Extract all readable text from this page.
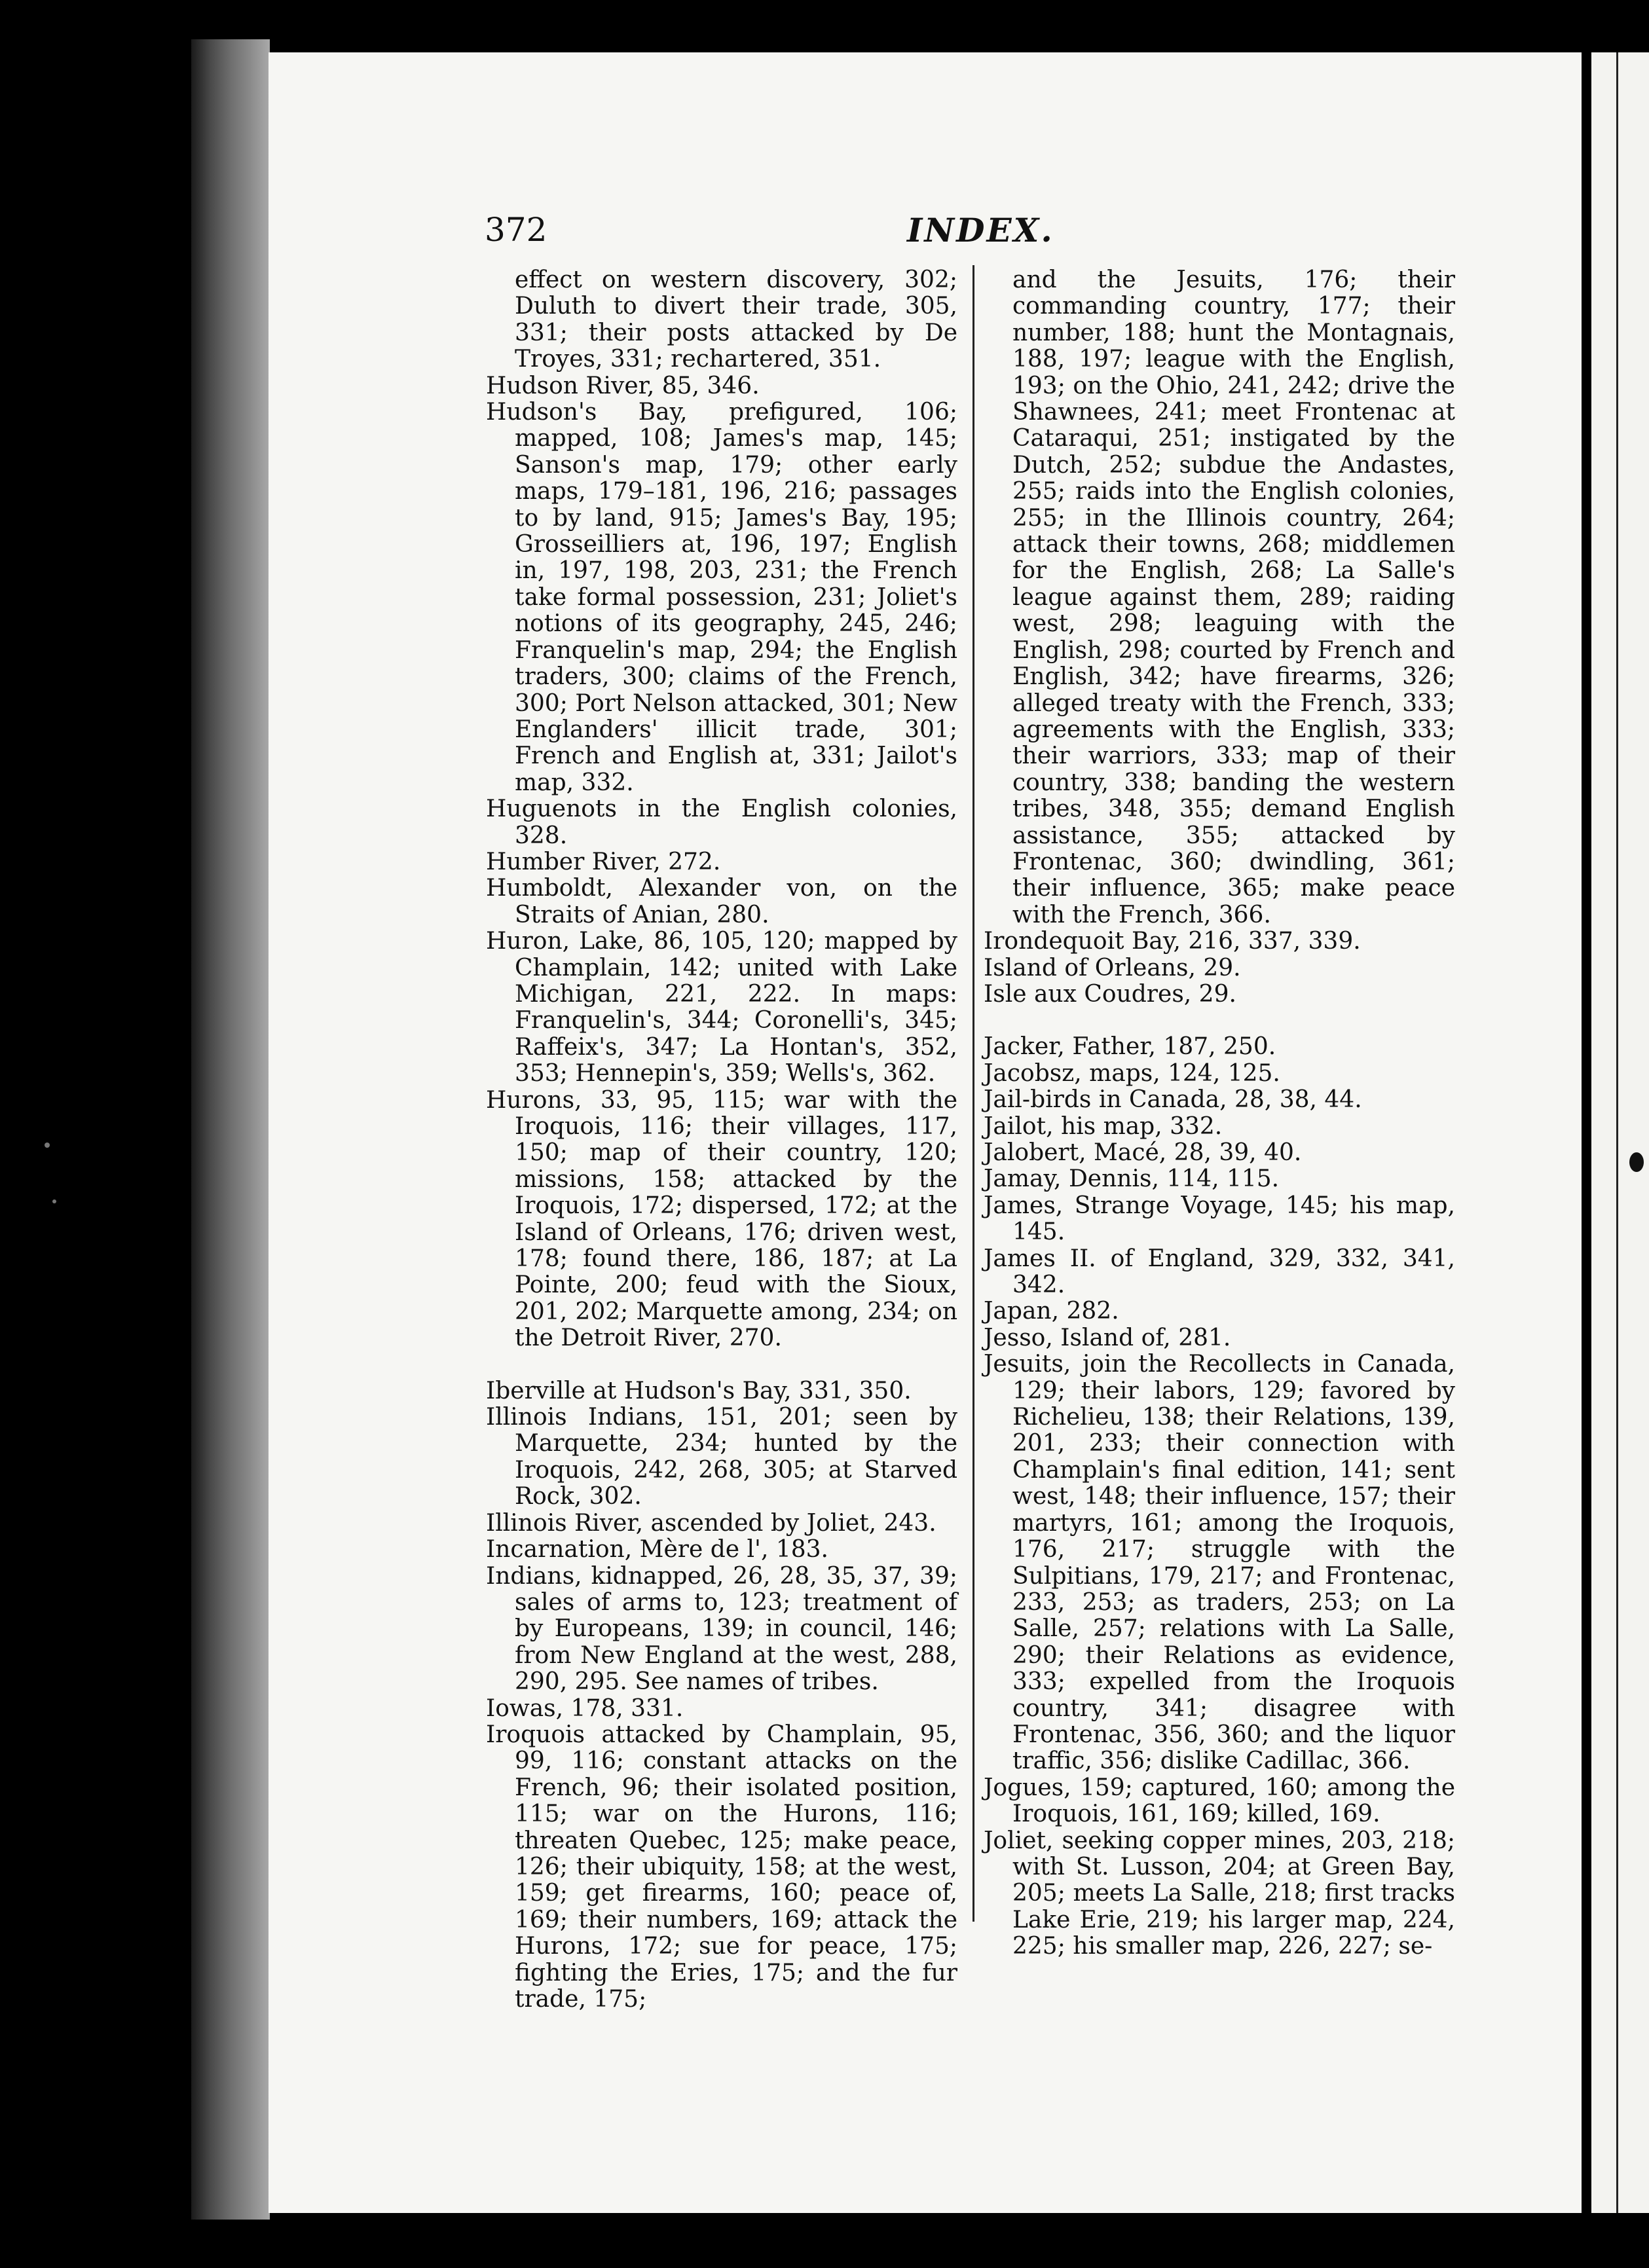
372	INDEX.

effect on western discovery, 302; Duluth to divert their trade, 305, 331; their posts attacked by De Troyes, 331; rechartered, 351.

Hudson River, 85, 346.

Hudson's Bay, prefigured, 106; mapped, 108; James's map, 145; Sanson's map, 179; other early maps, 179–181, 196, 216; passages to by land, 915; James's Bay, 195; Grosseilliers at, 196, 197; English in, 197, 198, 203, 231; the French take formal possession, 231; Joliet's notions of its geography, 245, 246; Franquelin's map, 294; the English traders, 300; claims of the French, 300; Port Nelson attacked, 301; New Englanders' illicit trade, 301; French and English at, 331; Jailot's map, 332.

Huguenots in the English colonies, 328.

Humber River, 272.

Humboldt, Alexander von, on the Straits of Anian, 280.

Huron, Lake, 86, 105, 120; mapped by Champlain, 142; united with Lake Michigan, 221, 222. In maps: Franquelin's, 344; Coronelli's, 345; Raffeix's, 347; La Hontan's, 352, 353; Hennepin's, 359; Wells's, 362.

Hurons, 33, 95, 115; war with the Iroquois, 116; their villages, 117, 150; map of their country, 120; missions, 158; attacked by the Iroquois, 172; dispersed, 172; at the Island of Orleans, 176; driven west, 178; found there, 186, 187; at La Pointe, 200; feud with the Sioux, 201, 202; Marquette among, 234; on the Detroit River, 270.

Iberville at Hudson's Bay, 331, 350.

Illinois Indians, 151, 201; seen by Marquette, 234; hunted by the Iroquois, 242, 268, 305; at Starved Rock, 302.

Illinois River, ascended by Joliet, 243.

Incarnation, Mère de l', 183.

Indians, kidnapped, 26, 28, 35, 37, 39; sales of arms to, 123; treatment of by Europeans, 139; in council, 146; from New England at the west, 288, 290, 295. See names of tribes.

Iowas, 178, 331.

Iroquois attacked by Champlain, 95, 99, 116; constant attacks on the French, 96; their isolated position, 115; war on the Hurons, 116; threaten Quebec, 125; make peace, 126; their ubiquity, 158; at the west, 159; get firearms, 160; peace of, 169; their numbers, 169; attack the Hurons, 172; sue for peace, 175; fighting the Eries, 175; and the fur trade, 175;

and the Jesuits, 176; their commanding country, 177; their number, 188; hunt the Montagnais, 188, 197; league with the English, 193; on the Ohio, 241, 242; drive the Shawnees, 241; meet Frontenac at Cataraqui, 251; instigated by the Dutch, 252; subdue the Andastes, 255; raids into the English colonies, 255; in the Illinois country, 264; attack their towns, 268; middlemen for the English, 268; La Salle's league against them, 289; raiding west, 298; leaguing with the English, 298; courted by French and English, 342; have firearms, 326; alleged treaty with the French, 333; agreements with the English, 333; their warriors, 333; map of their country, 338; banding the western tribes, 348, 355; demand English assistance, 355; attacked by Frontenac, 360; dwindling, 361; their influence, 365; make peace with the French, 366.

Irondequoit Bay, 216, 337, 339.

Island of Orleans, 29.

Isle aux Coudres, 29.

Jacker, Father, 187, 250.

Jacobsz, maps, 124, 125.

Jail-birds in Canada, 28, 38, 44.

Jailot, his map, 332.

Jalobert, Macé, 28, 39, 40.

Jamay, Dennis, 114, 115.

James, Strange Voyage, 145; his map, 145.

James II. of England, 329, 332, 341, 342.

Japan, 282.

Jesso, Island of, 281.

Jesuits, join the Recollects in Canada, 129; their labors, 129; favored by Richelieu, 138; their Relations, 139, 201, 233; their connection with Champlain's final edition, 141; sent west, 148; their influence, 157; their martyrs, 161; among the Iroquois, 176, 217; struggle with the Sulpitians, 179, 217; and Frontenac, 233, 253; as traders, 253; on La Salle, 257; relations with La Salle, 290; their Relations as evidence, 333; expelled from the Iroquois country, 341; disagree with Frontenac, 356, 360; and the liquor traffic, 356; dislike Cadillac, 366.

Jogues, 159; captured, 160; among the Iroquois, 161, 169; killed, 169.

Joliet, seeking copper mines, 203, 218; with St. Lusson, 204; at Green Bay, 205; meets La Salle, 218; first tracks Lake Erie, 219; his larger map, 224, 225; his smaller map, 226, 227; se-
